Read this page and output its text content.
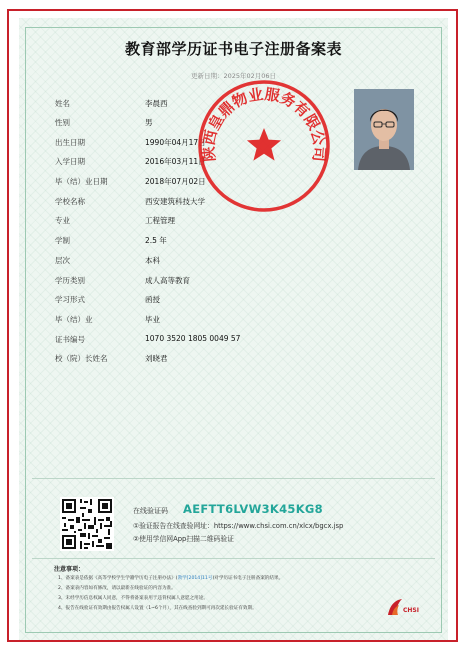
教育部学历证书电子注册备案表
更新日期：2025年02月06日
姓名	李晨西
性别	男
出生日期	1990年04月17日
入学日期	2016年03月11日
毕（结）业日期	2018年07月02日
学校名称	西安建筑科技大学
专业	工程管理
学制	2.5 年
层次	本科
学历类别	成人高等教育
学习形式	函授
毕（结）业	毕业
证书编号	1070 3520 1805 0049 57
校（院）长姓名	刘晓君
陕西皇鼎物业服务有限公司
在线验证码 AEFTT6LVW3K45KG8
①验证报告在线查验网址：https://www.chsi.com.cn/xlcx/bgcx.jsp
②使用学信网App扫描二维码验证
注意事项：
1、备案表是依据《高等学校学生学籍学历电子注册办法》(教学[2014]11号)对学历证书电子注册备案的结果。
2、备案表内容如有修改，请以最新在线验证的内容为准。
3、未经学历信息权属人同意，不得将备案表用于违背权属人意愿之用途。
4、报告在线验证有效期由报告权属人设置（1~6个月），其在线查验到期可再次延长验证有效期。	CHSI
